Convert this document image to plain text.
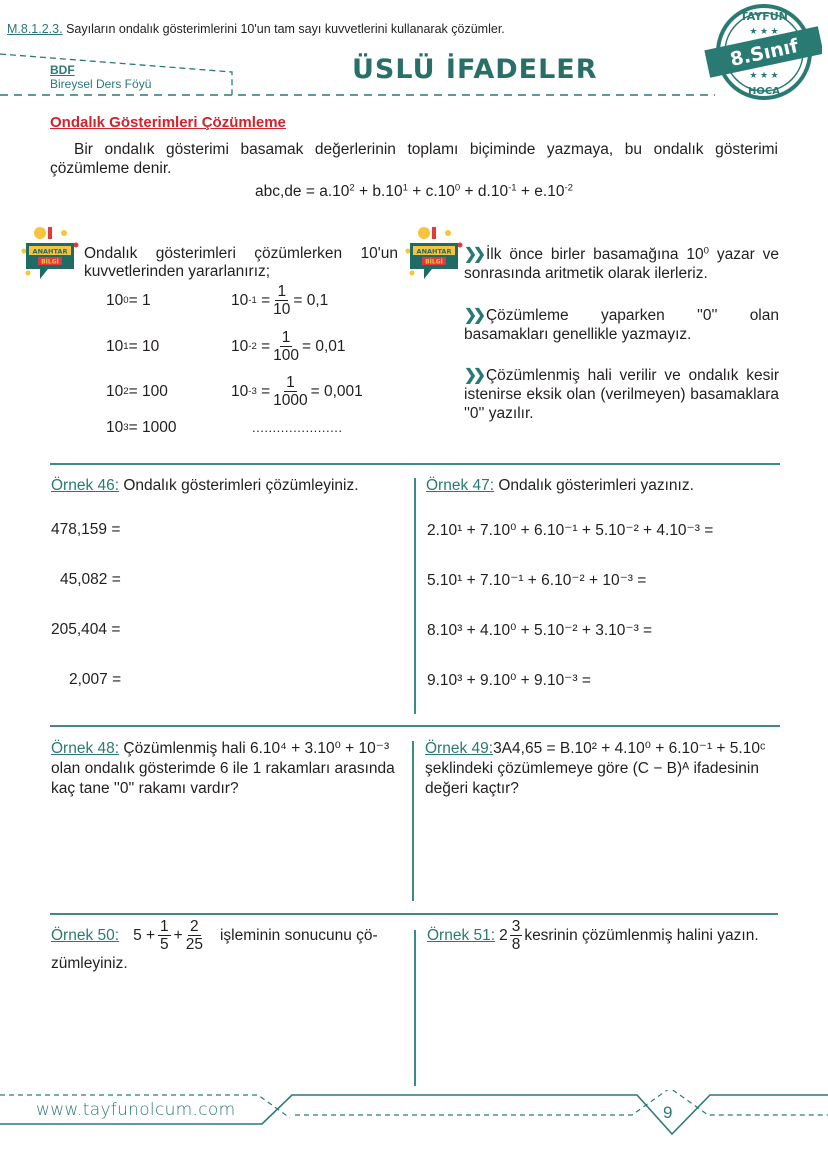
M.8.1.2.3. Sayıların ondalık gösterimlerini 10'un tam sayı kuvvetlerini kullanarak çözümler.
BDF
Bireysel Ders Föyü	ÜSLÜ İFADELER
TAYFUN
HOCA
8.Sınıf
★ ★ ★
★ ★ ★
Ondalık Gösterimleri Çözümleme
Bir ondalık gösterimi basamak değerlerinin toplamı biçiminde yazmaya, bu ondalık gösterimi çözümleme denir.
$abc,de = a.10^2 + b.10^1 + c.10^0 + d.10^{-1} + e.10^{-2}$
ANAHTAR
BİLGİ
ANAHTAR
BİLGİ
Ondalık gösterimleri çözümlerken 10'un kuvvetlerinden yararlanırız;
10 0 = 1
10 1 = 10
10 2 = 100
10 3 = 1000
10 $-1 = \frac{1}{10} = 0,1$
10 $-2 = \frac{1}{100} = 0,01$
10 $-3 = \frac{1}{1000} = 0,001$
......................
❯❯ İlk önce birler basamağına $10^0$ yazar ve sonrasında aritmetik olarak ilerleriz.
❯❯ Çözümleme yaparken ''0'' olan basamakları genellikle yazmayız.
❯❯ Çözümlenmiş hali verilir ve ondalık kesir istenirse eksik olan (verilmeyen) basamaklara ''0'' yazılır.
Örnek 46: Ondalık gösterimleri çözümleyiniz.
478,159 =
45,082 =
205,404 =
2,007 =
Örnek 47: Ondalık gösterimleri yazınız.
2.10¹ + 7.10⁰ + 6.10⁻¹ + 5.10⁻² + 4.10⁻³ =
5.10¹ + 7.10⁻¹ + 6.10⁻² + 10⁻³ =
8.10³ + 4.10⁰ + 5.10⁻² + 3.10⁻³ =
9.10³ + 9.10⁰ + 9.10⁻³ =
Örnek 48: Çözümlenmiş hali 6.10⁴ + 3.10⁰ + 10⁻³ olan ondalık gösterimde 6 ile 1 rakamları arasında kaç tane ''0'' rakamı vardır?
Örnek 49:3A4,65 = B.10² + 4.10⁰ + 6.10⁻¹ + 5.10ᶜ şeklindeki çözümlemeye göre (C − B)ᴬ ifadesinin değeri kaçtır?
Örnek 50: $5 + \frac{1}{5} + \frac{2}{25}$ işleminin sonucunu çö-
zümleyiniz.
Örnek 51: $2 \frac{3}{8}$ kesrinin çözümlenmiş halini yazın.
www.tayfunolcum.com	9
